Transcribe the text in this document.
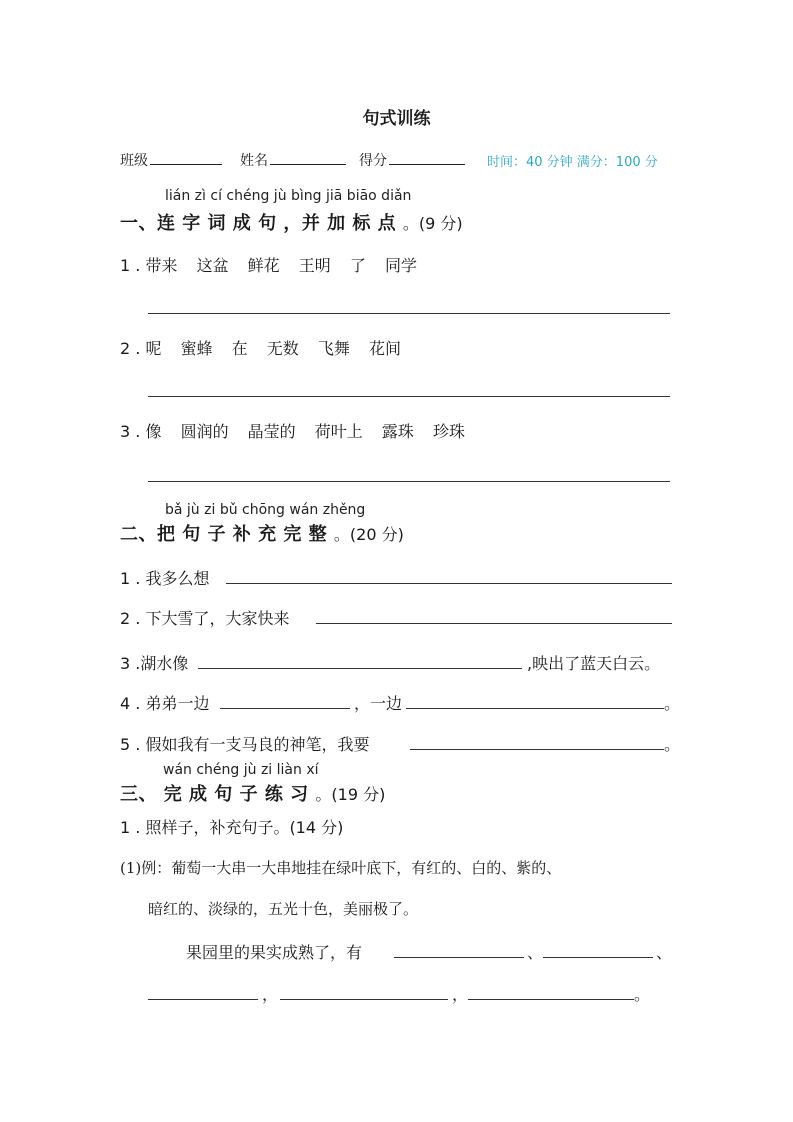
句式训练
班级	姓名	得分	时间：40 分钟 满分：100 分
lián zì cí chéng jù bìng jiā biāo diǎn
一、连 字 词 成 句 ，并 加 标 点 。(9 分)
1 . 带来 这盆 鲜花 王明 了 同学
2 . 呢 蜜蜂 在 无数 飞舞 花间
3 . 像 圆润的 晶莹的 荷叶上 露珠 珍珠
bǎ jù zi bǔ chōng wán zhěng
二、把 句 子 补 充 完 整 。(20 分)
1 . 我多么想
2 . 下大雪了，大家快来
3 .湖水像	,映出了蓝天白云。
4 . 弟弟一边	，一边	。
5 . 假如我有一支马良的神笔，我要	。
wán chéng jù zi liàn xí
三、 完 成 句 子 练 习 。(19 分)
1 . 照样子，补充句子。(14 分)
(1)例：葡萄一大串一大串地挂在绿叶底下，有红的、白的、紫的、
暗红的、淡绿的，五光十色，美丽极了。
果园里的果实成熟了，有	、	、
，	，	。
